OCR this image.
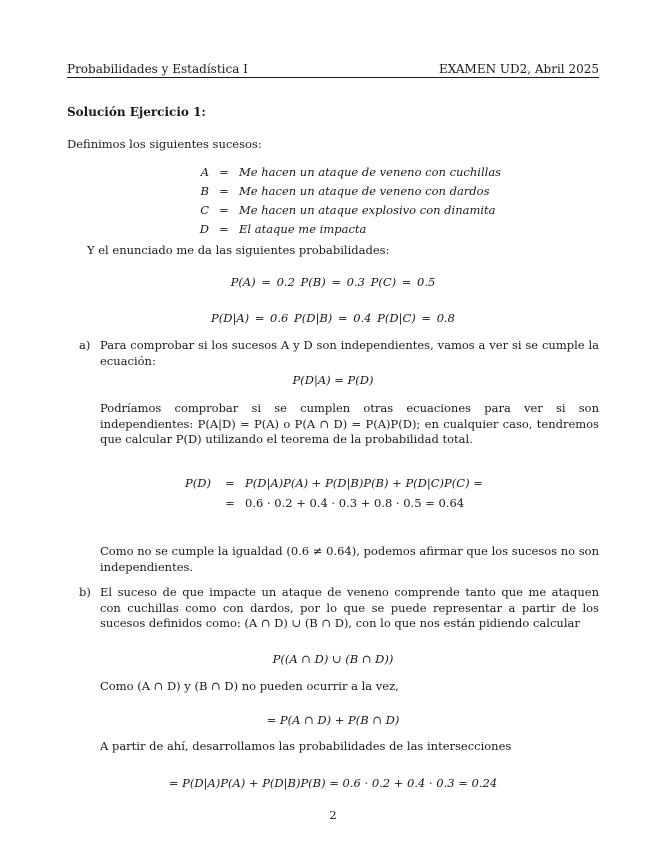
Probabilidades y Estadística I	EXAMEN UD2, Abril 2025
Solución Ejercicio 1:
Definimos los siguientes sucesos:
A = Me hacen un ataque de veneno con cuchillas
B = Me hacen un ataque de veneno con dardos
C = Me hacen un ataque explosivo con dinamita
D = El ataque me impacta
Y el enunciado me da las siguientes probabilidades:
P(A) = 0.2 P(B) = 0.3 P(C) = 0.5
P(D|A) = 0.6 P(D|B) = 0.4 P(D|C) = 0.8
a) Para comprobar si los sucesos A y D son independientes, vamos a ver si se cumple la ecuación:
P(D|A) = P(D)
Podríamos comprobar si se cumplen otras ecuaciones para ver si son independientes: P(A|D) = P(A) o P(A ∩ D) = P(A)P(D); en cualquier caso, tendremos que calcular P(D) utilizando el teorema de la probabilidad total.
P(D)	= P(D|A)P(A) + P(D|B)P(B) + P(D|C)P(C) =
= 0.6 · 0.2 + 0.4 · 0.3 + 0.8 · 0.5 = 0.64
Como no se cumple la igualdad (0.6 ≠ 0.64), podemos afirmar que los sucesos no son independientes.
b) El suceso de que impacte un ataque de veneno comprende tanto que me ataquen con cuchillas como con dardos, por lo que se puede representar a partir de los sucesos definidos como: (A ∩ D) ∪ (B ∩ D), con lo que nos están pidiendo calcular
P((A ∩ D) ∪ (B ∩ D))
Como (A ∩ D) y (B ∩ D) no pueden ocurrir a la vez,
= P(A ∩ D) + P(B ∩ D)
A partir de ahí, desarrollamos las probabilidades de las intersecciones
= P(D|A)P(A) + P(D|B)P(B) = 0.6 · 0.2 + 0.4 · 0.3 = 0.24
2
